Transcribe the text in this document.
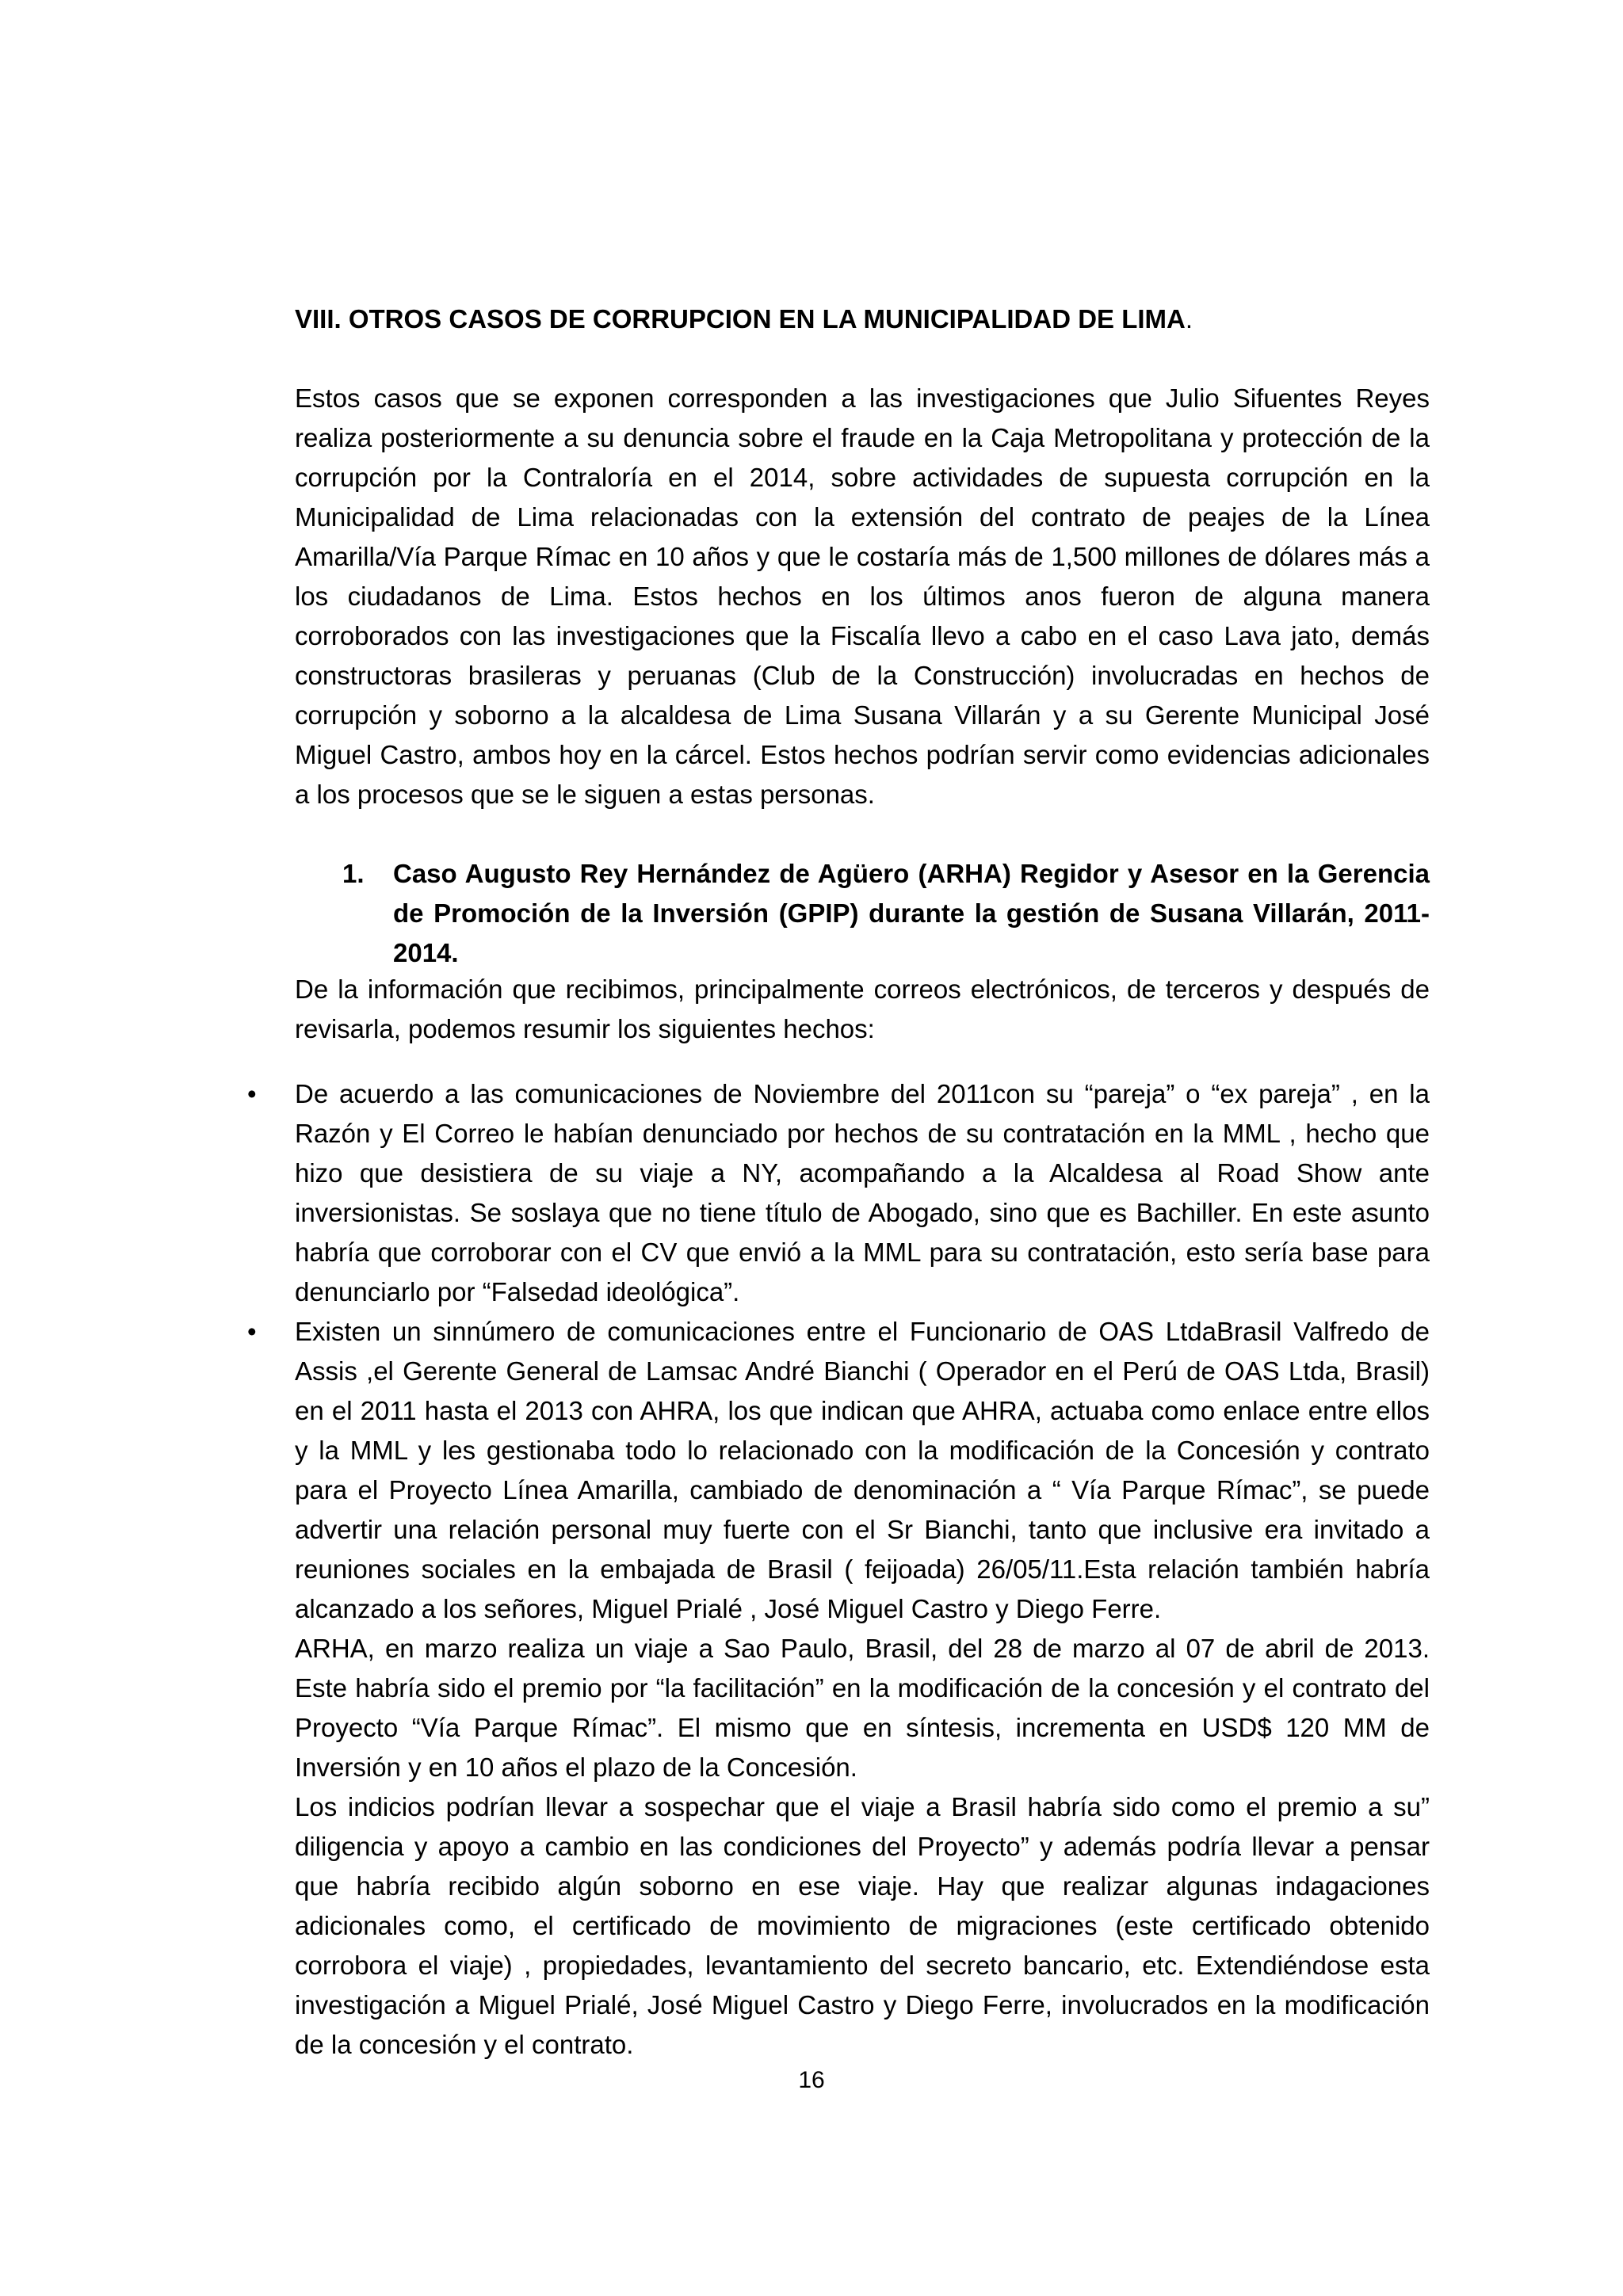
VIII. OTROS CASOS DE CORRUPCION EN LA MUNICIPALIDAD DE LIMA.
Estos casos que se exponen corresponden a las investigaciones que Julio Sifuentes Reyes realiza posteriormente a su denuncia sobre el fraude en la Caja Metropolitana y protección de la corrupción por la Contraloría en el 2014, sobre actividades de supuesta corrupción en la Municipalidad de Lima relacionadas con la extensión del contrato de peajes de la Línea Amarilla/Vía Parque Rímac en 10 años y que le costaría más de 1,500 millones de dólares más a los ciudadanos de Lima. Estos hechos en los últimos anos fueron de alguna manera corroborados con las investigaciones que la Fiscalía llevo a cabo en el caso Lava jato, demás constructoras brasileras y peruanas (Club de la Construcción) involucradas en hechos de corrupción y soborno a la alcaldesa de Lima Susana Villarán y a su Gerente Municipal José Miguel Castro, ambos hoy en la cárcel. Estos hechos podrían servir como evidencias adicionales a los procesos que se le siguen a estas personas.
1. Caso Augusto Rey Hernández de Agüero (ARHA) Regidor y Asesor en la Gerencia de Promoción de la Inversión (GPIP) durante la gestión de Susana Villarán, 2011-2014.
De la información que recibimos, principalmente correos electrónicos, de terceros y después de revisarla, podemos resumir los siguientes hechos:
• De acuerdo a las comunicaciones de Noviembre del 2011con su “pareja” o “ex pareja” , en la Razón y El Correo le habían denunciado por hechos de su contratación en la MML , hecho que hizo que desistiera de su viaje a NY, acompañando a la Alcaldesa al Road Show ante inversionistas. Se soslaya que no tiene título de Abogado, sino que es Bachiller. En este asunto habría que corroborar con el CV que envió a la MML para su contratación, esto sería base para denunciarlo por “Falsedad ideológica”.

• Existen un sinnúmero de comunicaciones entre el Funcionario de OAS LtdaBrasil Valfredo de Assis ,el Gerente General de Lamsac André Bianchi ( Operador en el Perú de OAS Ltda, Brasil) en el 2011 hasta el 2013 con AHRA, los que indican que AHRA, actuaba como enlace entre ellos y la MML y les gestionaba todo lo relacionado con la modificación de la Concesión y contrato para el Proyecto Línea Amarilla, cambiado de denominación a “ Vía Parque Rímac”, se puede advertir una relación personal muy fuerte con el Sr Bianchi, tanto que inclusive era invitado a reuniones sociales en la embajada de Brasil ( feijoada) 26/05/11.Esta relación también habría alcanzado a los señores, Miguel Prialé , José Miguel Castro y Diego Ferre.

ARHA, en marzo realiza un viaje a Sao Paulo, Brasil, del 28 de marzo al 07 de abril de 2013. Este habría sido el premio por “la facilitación” en la modificación de la concesión y el contrato del Proyecto “Vía Parque Rímac”. El mismo que en síntesis, incrementa en USD$ 120 MM de Inversión y en 10 años el plazo de la Concesión.

Los indicios podrían llevar a sospechar que el viaje a Brasil habría sido como el premio a su” diligencia y apoyo a cambio en las condiciones del Proyecto” y además podría llevar a pensar que habría recibido algún soborno en ese viaje. Hay que realizar algunas indagaciones adicionales como, el certificado de movimiento de migraciones (este certificado obtenido corrobora el viaje) , propiedades, levantamiento del secreto bancario, etc. Extendiéndose esta investigación a Miguel Prialé, José Miguel Castro y Diego Ferre, involucrados en la modificación de la concesión y el contrato.

16
